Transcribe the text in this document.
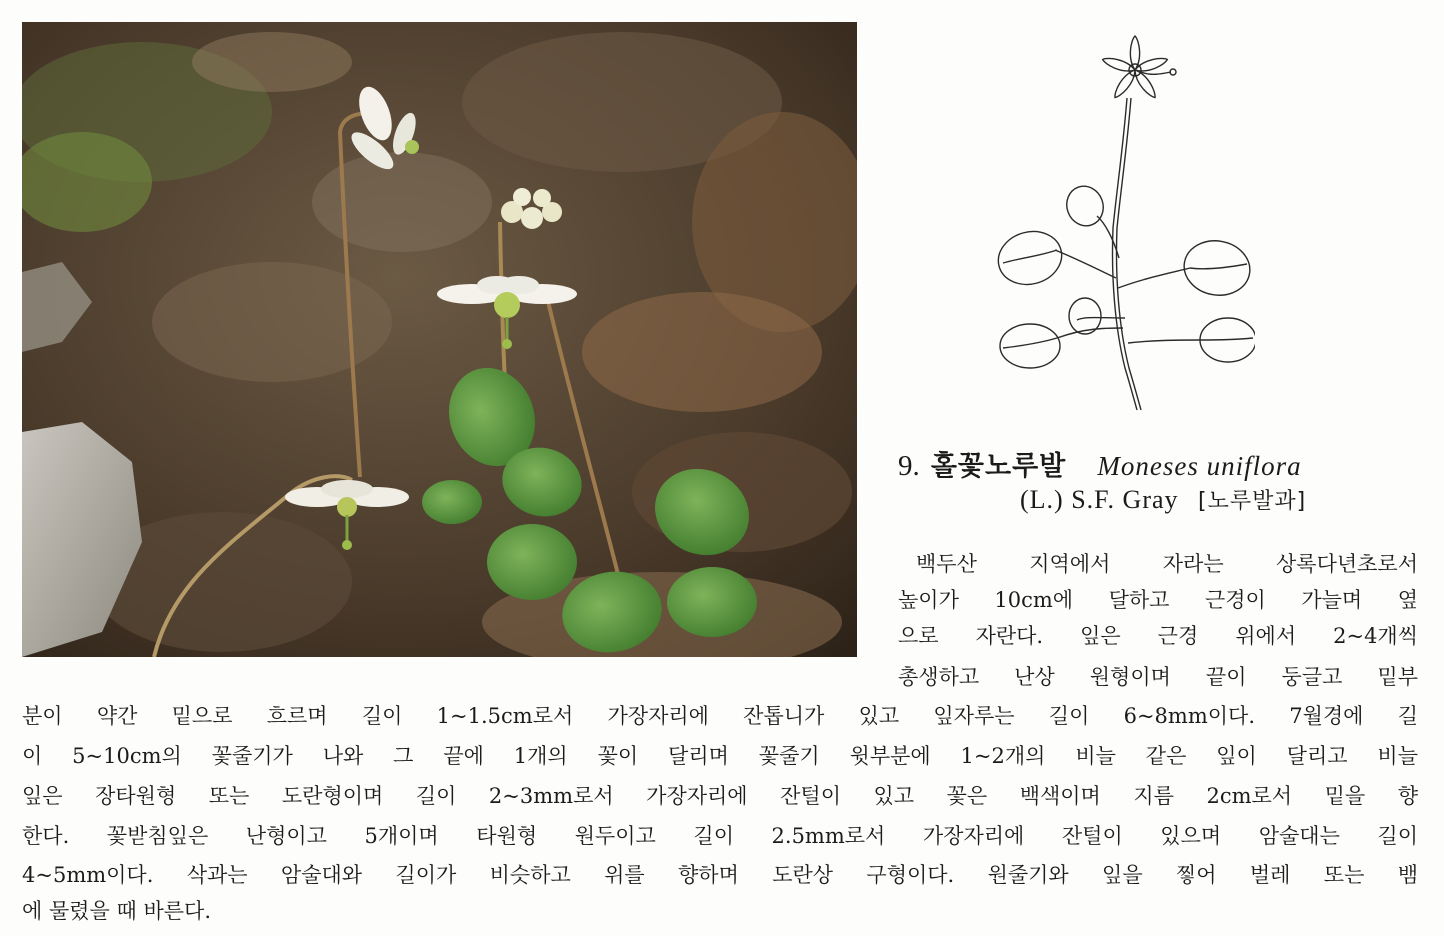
9. 홀꽃노루발 Moneses uniflora
(L.) S.F. Gray [노루발과]
백두산 지역에서 자라는 상록다년초로서
높이가 10cm에 달하고 근경이 가늘며 옆
으로 자란다. 잎은 근경 위에서 2~4개씩
총생하고 난상 원형이며 끝이 둥글고 밑부
분이 약간 밑으로 흐르며 길이 1~1.5cm로서 가장자리에 잔톱니가 있고 잎자루는 길이 6~8mm이다. 7월경에 길
이 5~10cm의 꽃줄기가 나와 그 끝에 1개의 꽃이 달리며 꽃줄기 윗부분에 1~2개의 비늘 같은 잎이 달리고 비늘
잎은 장타원형 또는 도란형이며 길이 2~3mm로서 가장자리에 잔털이 있고 꽃은 백색이며 지름 2cm로서 밑을 향
한다. 꽃받침잎은 난형이고 5개이며 타원형 원두이고 길이 2.5mm로서 가장자리에 잔털이 있으며 암술대는 길이
4~5mm이다. 삭과는 암술대와 길이가 비슷하고 위를 향하며 도란상 구형이다. 원줄기와 잎을 찧어 벌레 또는 뱀
에 물렸을 때 바른다.
